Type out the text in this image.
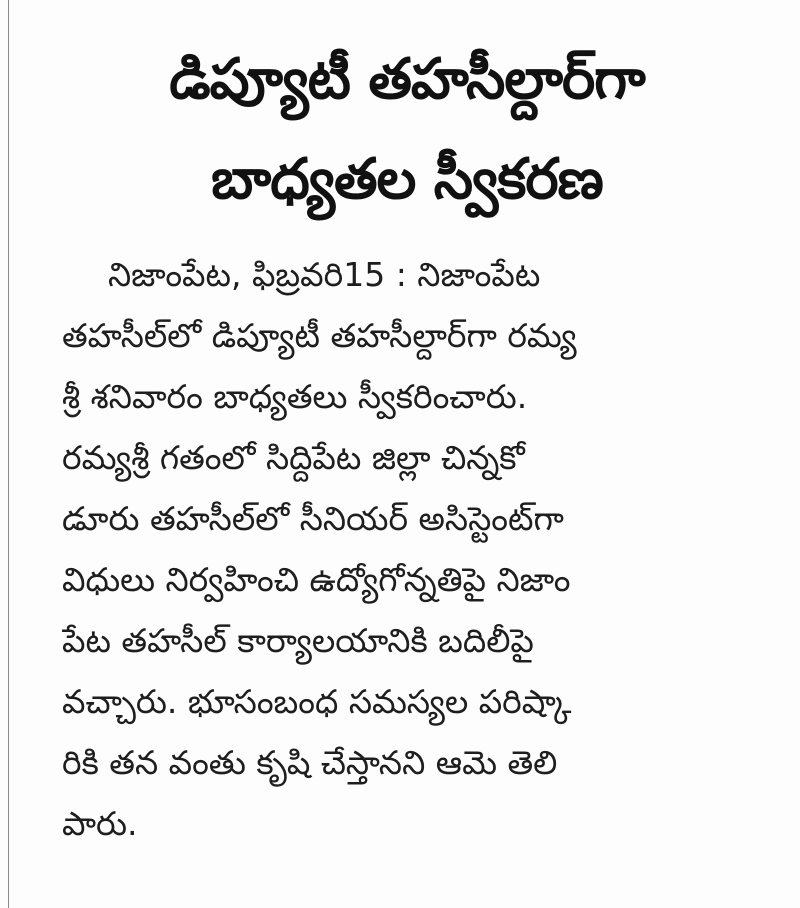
డిప్యూటీ తహసీల్దార్‌గా
బాధ్యతల స్వీకరణ
నిజాంపేట, ఫిబ్రవరి15 : నిజాంపేట
తహసీల్‌లో డిప్యూటీ తహసీల్దార్‌గా రమ్య
శ్రీ శనివారం బాధ్యతలు స్వీకరించారు.
రమ్యశ్రీ గతంలో సిద్దిపేట జిల్లా చిన్నకో
డూరు తహసీల్‌లో సీనియర్ అసిస్టెంట్‌గా
విధులు నిర్వహించి ఉద్యోగోన్నతిపై నిజాం
పేట తహసీల్ కార్యాలయానికి బదిలీపై
వచ్చారు. భూసంబంధ సమస్యల పరిష్కా
రికి తన వంతు కృషి చేస్తానని ఆమె తెలి
పారు.
